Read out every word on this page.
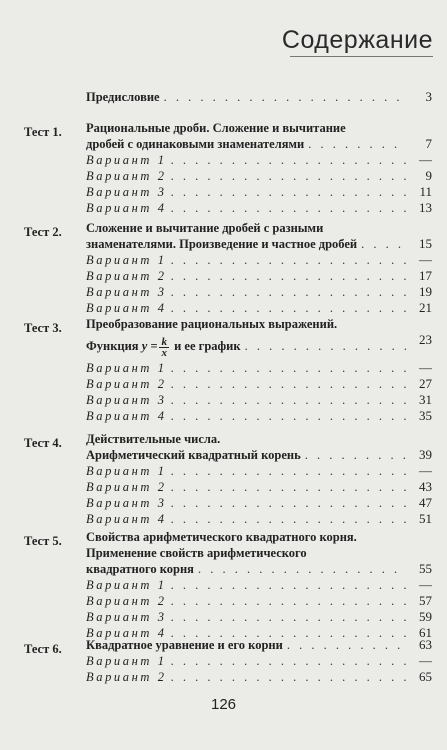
Содержание
Предисловие . . .	3
Тест 1.	Рациональные дроби. Сложение и вычитание
дробей с одинаковыми знаменателями . . .	7
Вариант 1 . . .	—
Вариант 2 . . .	9
Вариант 3 . . .	11
Вариант 4 . . .	13
Тест 2.	Сложение и вычитание дробей с разными
знаменателями. Произведение и частное дробей . . .	15
Вариант 1 . . .	—
Вариант 2 . . .	17
Вариант 3 . . .	19
Вариант 4 . . .	21
Тест 3.	Преобразование рациональных выражений.
Функция $y = \frac{k}{x}$ и ее график . . .	23
Вариант 1 . . .	—
Вариант 2 . . .	27
Вариант 3 . . .	31
Вариант 4 . . .	35
Тест 4.	Действительные числа.
Арифметический квадратный корень . . .	39
Вариант 1 . . .	—
Вариант 2 . . .	43
Вариант 3 . . .	47
Вариант 4 . . .	51
Тест 5.	Свойства арифметического квадратного корня.
Применение свойств арифметического
квадратного корня . . .	55
Вариант 1 . . .	—
Вариант 2 . . .	57
Вариант 3 . . .	59
Вариант 4 . . .	61
Тест 6.	Квадратное уравнение и его корни . . .	63
Вариант 1 . . .	—
Вариант 2 . . .	65
126
